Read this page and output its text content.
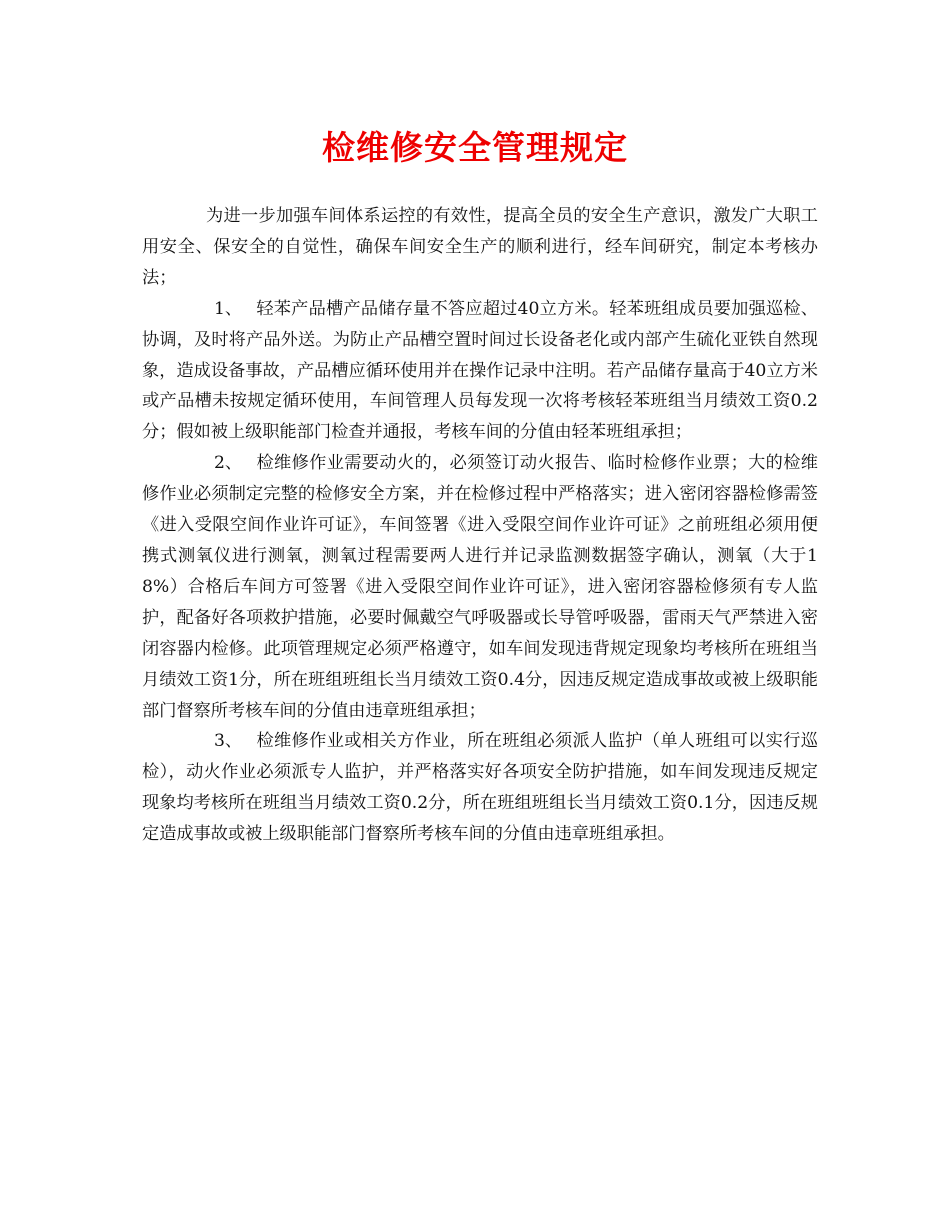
检维修安全管理规定

为进一步加强车间体系运控的有效性，提高全员的安全生产意识，激发广大职工用安全、保安全的自觉性，确保车间安全生产的顺利进行，经车间研究，制定本考核办法；

1、 轻苯产品槽产品储存量不答应超过40立方米。轻苯班组成员要加强巡检、协调，及时将产品外送。为防止产品槽空置时间过长设备老化或内部产生硫化亚铁自然现象，造成设备事故，产品槽应循环使用并在操作记录中注明。若产品储存量高于40立方米或产品槽未按规定循环使用，车间管理人员每发现一次将考核轻苯班组当月绩效工资0.2分；假如被上级职能部门检查并通报，考核车间的分值由轻苯班组承担；

2、 检维修作业需要动火的，必须签订动火报告、临时检修作业票；大的检维修作业必须制定完整的检修安全方案，并在检修过程中严格落实；进入密闭容器检修需签《进入受限空间作业许可证》，车间签署《进入受限空间作业许可证》之前班组必须用便携式测氧仪进行测氧，测氧过程需要两人进行并记录监测数据签字确认，测氧（大于18%）合格后车间方可签署《进入受限空间作业许可证》，进入密闭容器检修须有专人监护，配备好各项救护措施，必要时佩戴空气呼吸器或长导管呼吸器，雷雨天气严禁进入密闭容器内检修。此项管理规定必须严格遵守，如车间发现违背规定现象均考核所在班组当月绩效工资1分，所在班组班组长当月绩效工资0.4分，因违反规定造成事故或被上级职能部门督察所考核车间的分值由违章班组承担；

3、 检维修作业或相关方作业，所在班组必须派人监护（单人班组可以实行巡检），动火作业必须派专人监护，并严格落实好各项安全防护措施，如车间发现违反规定现象均考核所在班组当月绩效工资0.2分，所在班组班组长当月绩效工资0.1分，因违反规定造成事故或被上级职能部门督察所考核车间的分值由违章班组承担。
